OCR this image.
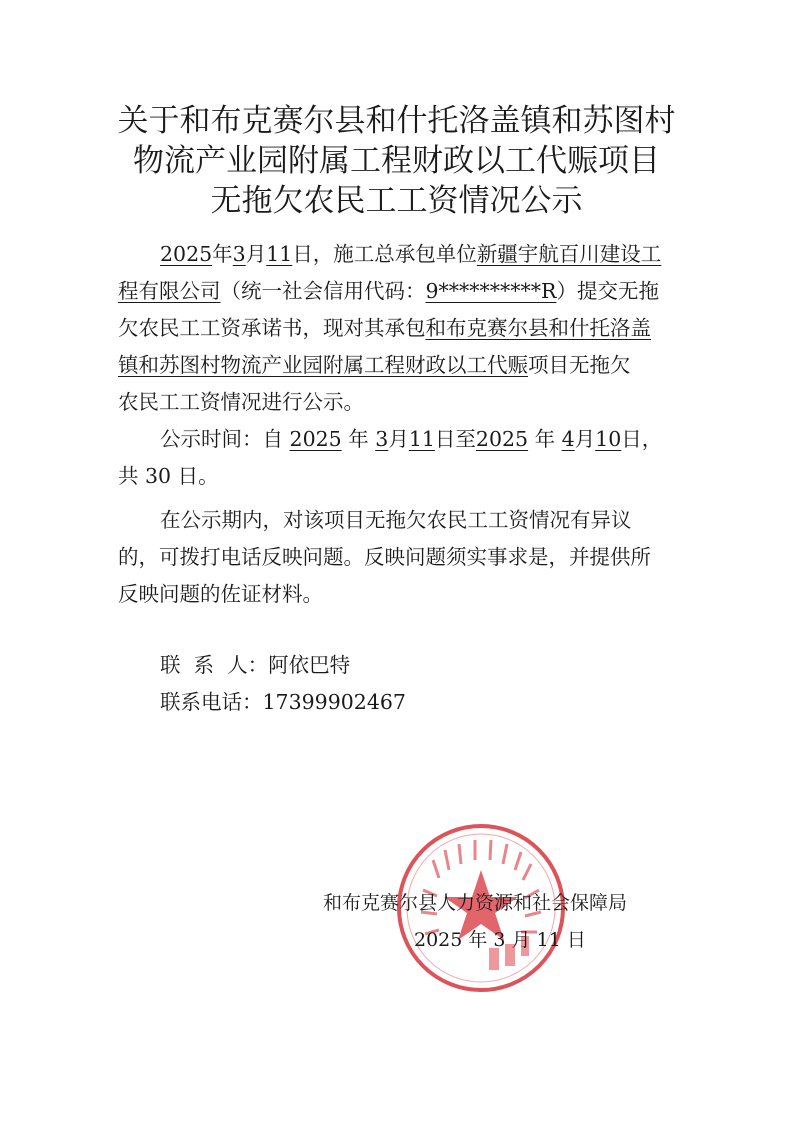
关于和布克赛尔县和什托洛盖镇和苏图村
物流产业园附属工程财政以工代赈项目
无拖欠农民工工资情况公示
2025年3月11日，施工总承包单位新疆宇航百川建设工
程有限公司（统一社会信用代码：9**********R）提交无拖
欠农民工工资承诺书，现对其承包和布克赛尔县和什托洛盖
镇和苏图村物流产业园附属工程财政以工代赈项目无拖欠
农民工工资情况进行公示。
公示时间：自 2025 年 3月11日至2025 年 4月10日，
共 30 日。
在公示期内，对该项目无拖欠农民工工资情况有异议
的，可拨打电话反映问题。反映问题须实事求是，并提供所
反映问题的佐证材料。
联  系  人：阿依巴特
联系电话：17399902467
和布克赛尔县人力资源和社会保障局
2025 年 3 月 11 日
